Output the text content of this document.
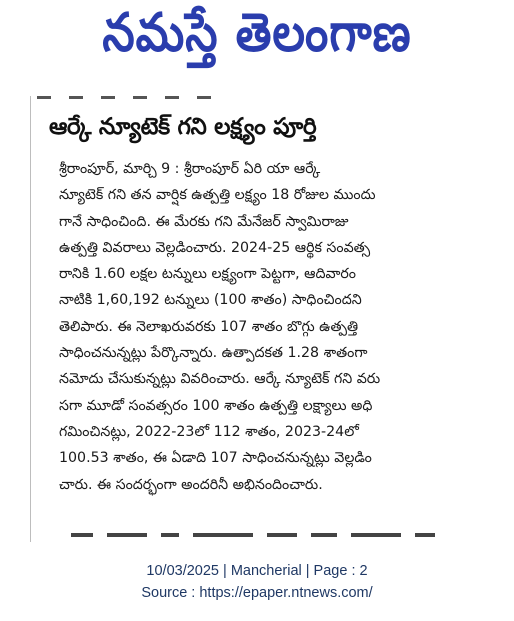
నమస్తే తెలంగాణ
ఆర్కే న్యూటెక్ గని లక్ష్యం పూర్తి
శ్రీరాంపూర్, మార్చి 9 : శ్రీరాంపూర్ ఏరి యా ఆర్కే
న్యూటెక్ గని తన వార్షిక ఉత్పత్తి లక్ష్యం 18 రోజుల ముందు
గానే సాధించింది. ఈ మేరకు గని మేనేజర్ స్వామిరాజు
ఉత్పత్తి వివరాలు వెల్లడించారు. 2024-25 ఆర్థిక సంవత్స
రానికి 1.60 లక్షల టన్నులు లక్ష్యంగా పెట్టగా, ఆదివారం
నాటికి 1,60,192 టన్నులు (100 శాతం) సాధించిందని
తెలిపారు. ఈ నెలాఖరువరకు 107 శాతం బొగ్గు ఉత్పత్తి
సాధించనున్నట్లు పేర్కొన్నారు. ఉత్పాదకత 1.28 శాతంగా
నమోదు చేసుకున్నట్లు వివరించారు. ఆర్కే న్యూటెక్ గని వరు
సగా మూడో సంవత్సరం 100 శాతం ఉత్పత్తి లక్ష్యాలు అధి
గమించినట్లు, 2022-23లో 112 శాతం, 2023-24లో
100.53 శాతం, ఈ ఏడాది 107 సాధించనున్నట్లు వెల్లడిం
చారు. ఈ సందర్భంగా అందరినీ అభినందించారు.
10/03/2025 | Mancherial | Page : 2
Source : https://epaper.ntnews.com/
